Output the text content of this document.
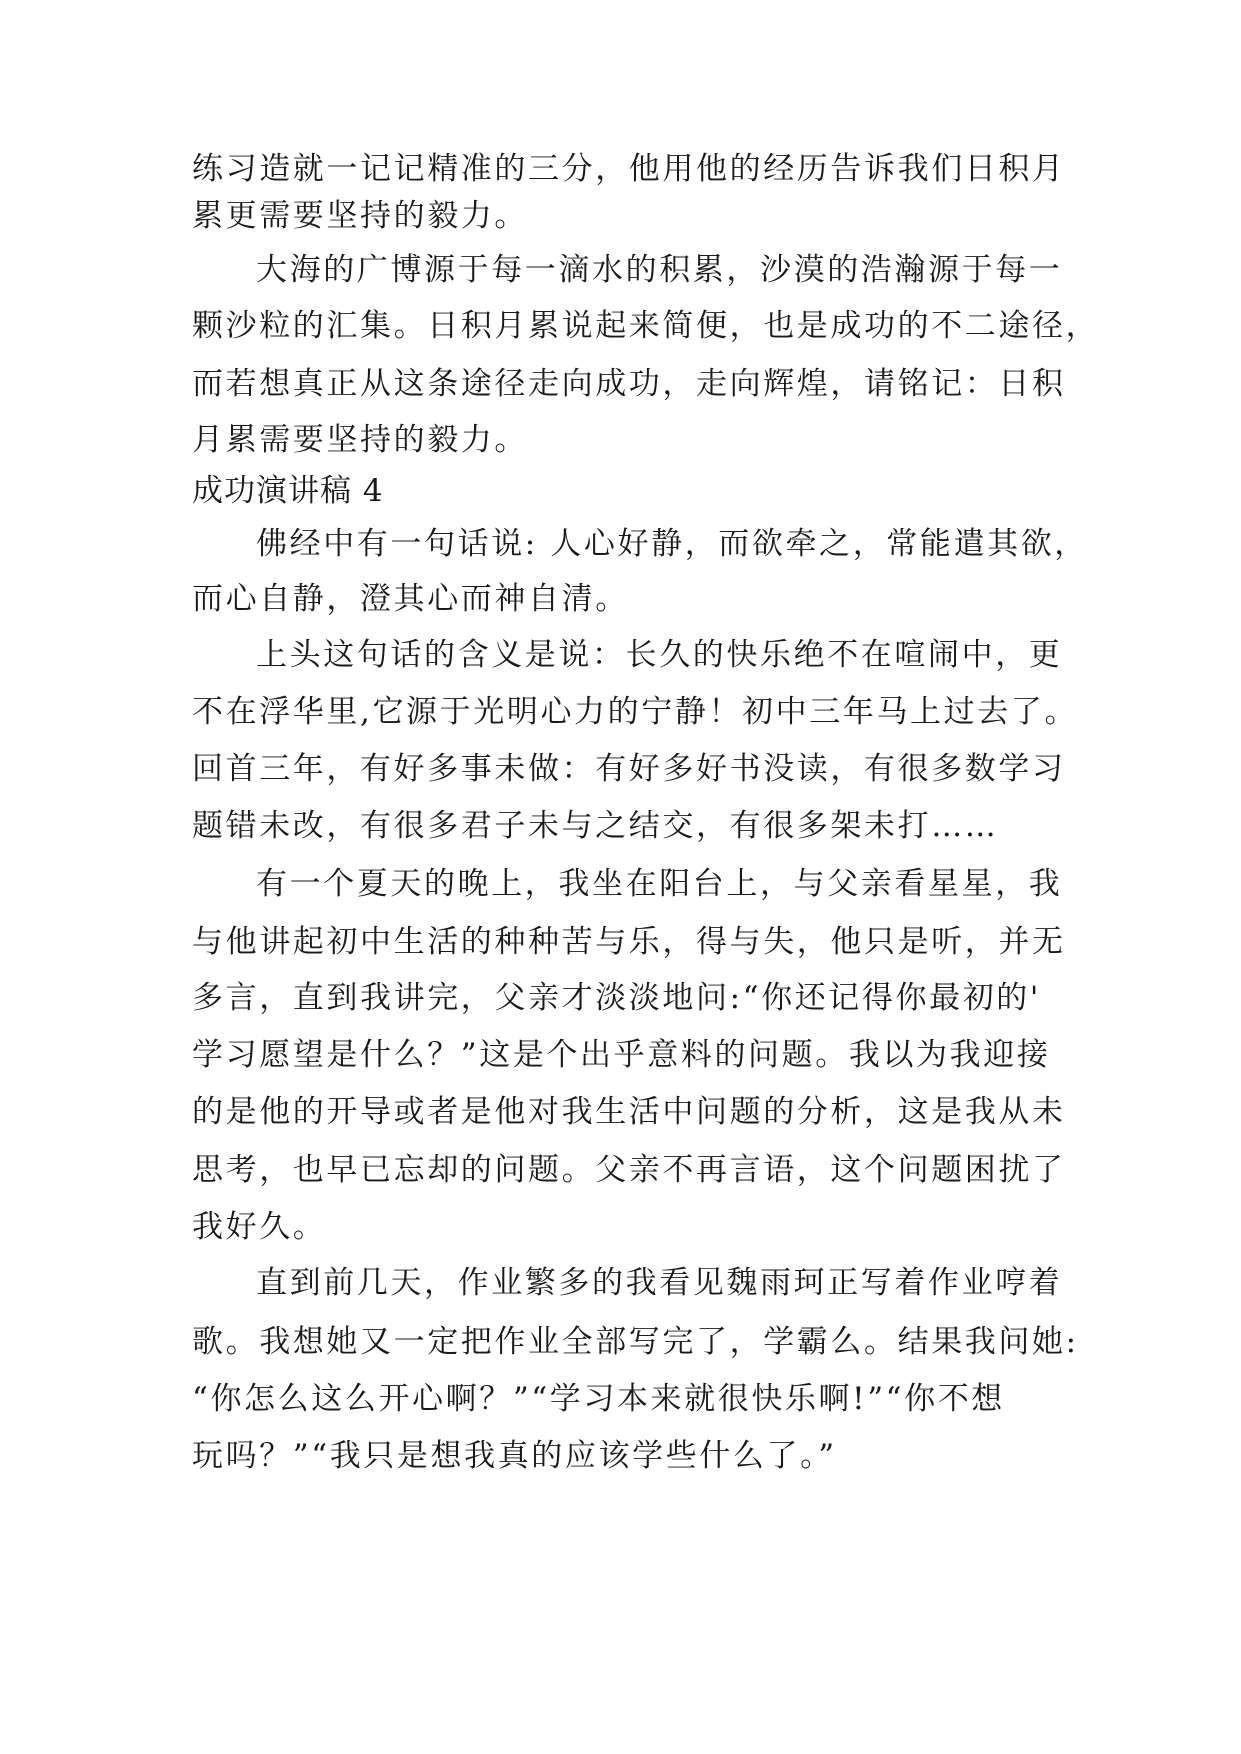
练习造就一记记精准的三分，他用他的经历告诉我们日积月
累更需要坚持的毅力。
大海的广博源于每一滴水的积累，沙漠的浩瀚源于每一
颗沙粒的汇集。日积月累说起来简便，也是成功的不二途径，
而若想真正从这条途径走向成功，走向辉煌，请铭记：日积
月累需要坚持的毅力。
成功演讲稿 4
佛经中有一句话说: 人心好静，而欲牵之，常能遣其欲，
而心自静，澄其心而神自清。
上头这句话的含义是说：长久的快乐绝不在喧闹中，更
不在浮华里,它源于光明心力的宁静！初中三年马上过去了。
回首三年，有好多事未做：有好多好书没读，有很多数学习
题错未改，有很多君子未与之结交，有很多架未打……
有一个夏天的晚上，我坐在阳台上，与父亲看星星，我
与他讲起初中生活的种种苦与乐，得与失，他只是听，并无
多言，直到我讲完，父亲才淡淡地问:“你还记得你最初的'
学习愿望是什么？”这是个出乎意料的问题。我以为我迎接
的是他的开导或者是他对我生活中问题的分析，这是我从未
思考，也早已忘却的问题。父亲不再言语，这个问题困扰了
我好久。
直到前几天，作业繁多的我看见魏雨珂正写着作业哼着
歌。我想她又一定把作业全部写完了，学霸么。结果我问她:
“你怎么这么开心啊？”“学习本来就很快乐啊!”“你不想
玩吗？”“我只是想我真的应该学些什么了。”
